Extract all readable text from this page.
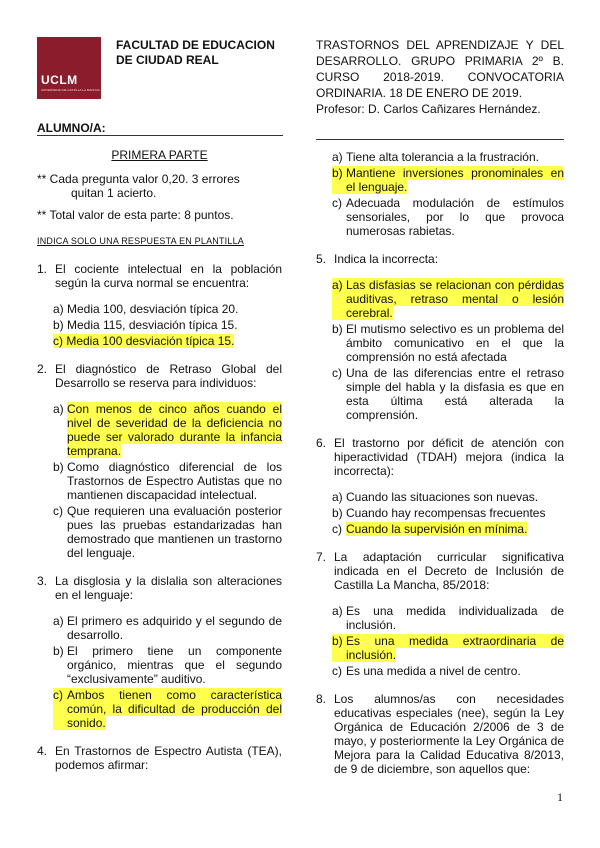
UCLM
UNIVERSIDAD DE CASTILLA-LA MANCHA
FACULTAD DE EDUCACION
DE CIUDAD REAL
TRASTORNOS DEL APRENDIZAJE Y DEL DESARROLLO. GRUPO PRIMARIA 2º B. CURSO 2018-2019. CONVOCATORIA ORDINARIA. 18 DE ENERO DE 2019.
Profesor: D. Carlos Cañizares Hernández.
ALUMNO/A:
PRIMERA PARTE
** Cada pregunta valor 0,20. 3 errores
quitan 1 acierto.
** Total valor de esta parte: 8 puntos.
INDICA SOLO UNA RESPUESTA EN PLANTILLA
1. El cociente intelectual en la población según la curva normal se encuentra:
a) Media 100, desviación típica 20.
b) Media 115, desviación típica 15.
c) Media 100 desviación típica 15.
2. El diagnóstico de Retraso Global del Desarrollo se reserva para individuos:
a) Con menos de cinco años cuando el nivel de severidad de la deficiencia no puede ser valorado durante la infancia temprana.
b) Como diagnóstico diferencial de los Trastornos de Espectro Autistas que no mantienen discapacidad intelectual.
c) Que requieren una evaluación posterior pues las pruebas estandarizadas han demostrado que mantienen un trastorno del lenguaje.
3. La disglosia y la dislalia son alteraciones en el lenguaje:
a) El primero es adquirido y el segundo de desarrollo.
b) El primero tiene un componente orgánico, mientras que el segundo “exclusivamente” auditivo.
c) Ambos tienen como característica común, la dificultad de producción del sonido.
4. En Trastornos de Espectro Autista (TEA), podemos afirmar:
a) Tiene alta tolerancia a la frustración.
b) Mantiene inversiones pronominales en el lenguaje.
c) Adecuada modulación de estímulos sensoriales, por lo que provoca numerosas rabietas.
5. Indica la incorrecta:
a) Las disfasias se relacionan con pérdidas auditivas, retraso mental o lesión cerebral.
b) El mutismo selectivo es un problema del ámbito comunicativo en el que la comprensión no está afectada
c) Una de las diferencias entre el retraso simple del habla y la disfasia es que en esta última está alterada la comprensión.
6. El trastorno por déficit de atención con hiperactividad (TDAH) mejora (indica la incorrecta):
a) Cuando las situaciones son nuevas.
b) Cuando hay recompensas frecuentes
c) Cuando la supervisión en mínima.
7. La adaptación curricular significativa indicada en el Decreto de Inclusión de Castilla La Mancha, 85/2018:
a) Es una medida individualizada de inclusión.
b) Es una medida extraordinaria de inclusión.
c) Es una medida a nivel de centro.
8. Los alumnos/as con necesidades educativas especiales (nee), según la Ley Orgánica de Educación 2/2006 de 3 de mayo, y posteriormente la Ley Orgánica de Mejora para la Calidad Educativa 8/2013, de 9 de diciembre, son aquellos que:
1
